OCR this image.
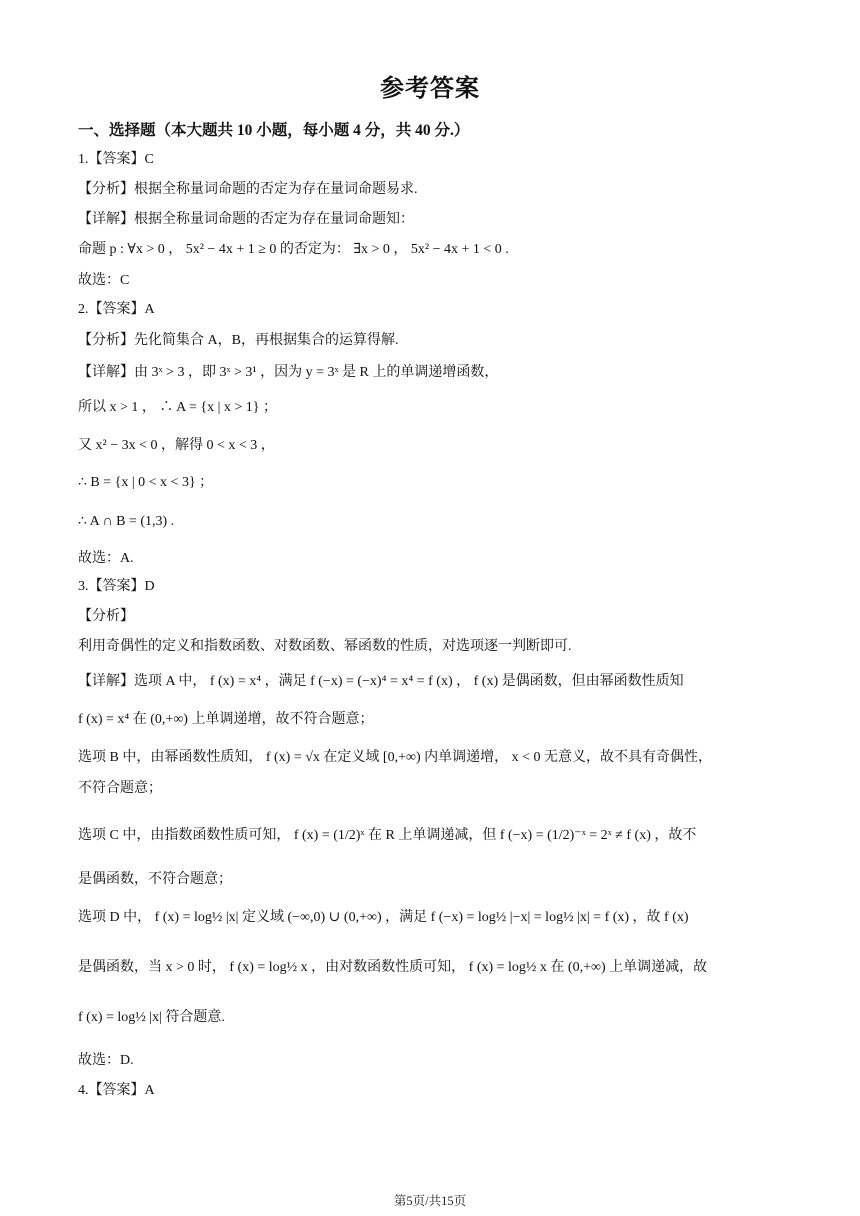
参考答案
一、选择题（本大题共 10 小题，每小题 4 分，共 40 分.）
1.【答案】C
【分析】根据全称量词命题的否定为存在量词命题易求.
【详解】根据全称量词命题的否定为存在量词命题知：
命题 p : ∀x > 0 ， 5x² − 4x + 1 ≥ 0 的否定为： ∃x > 0 ， 5x² − 4x + 1 < 0 .
故选：C
2.【答案】A
【分析】先化简集合 A，B，再根据集合的运算得解.
【详解】由 3ˣ > 3 ，即 3ˣ > 3¹ ，因为 y = 3ˣ 是 R 上的单调递增函数，
所以 x > 1 ， ∴ A = {x | x > 1} ；
又 x² − 3x < 0 ，解得 0 < x < 3 ，
∴ B = {x | 0 < x < 3} ；
∴ A ∩ B = (1,3) .
故选：A.
3.【答案】D
【分析】
利用奇偶性的定义和指数函数、对数函数、幂函数的性质，对选项逐一判断即可.
【详解】选项 A 中， f (x) = x⁴ ，满足 f (−x) = (−x)⁴ = x⁴ = f (x) ， f (x) 是偶函数，但由幂函数性质知
f (x) = x⁴ 在 (0,+∞) 上单调递增，故不符合题意；
选项 B 中，由幂函数性质知， f (x) = √x 在定义域 [0,+∞) 内单调递增， x < 0 无意义，故不具有奇偶性，
不符合题意；
选项 C 中，由指数函数性质可知， f (x) = (1/2)ˣ 在 R 上单调递减，但 f (−x) = (1/2)⁻ˣ = 2ˣ ≠ f (x) ，故不
是偶函数，不符合题意；
选项 D 中， f (x) = log½ |x| 定义域 (−∞,0) ∪ (0,+∞) ，满足 f (−x) = log½ |−x| = log½ |x| = f (x) ，故 f (x)
是偶函数，当 x > 0 时， f (x) = log½ x ，由对数函数性质可知， f (x) = log½ x 在 (0,+∞) 上单调递减，故
f (x) = log½ |x| 符合题意.
故选：D.
4.【答案】A
第5页/共15页
